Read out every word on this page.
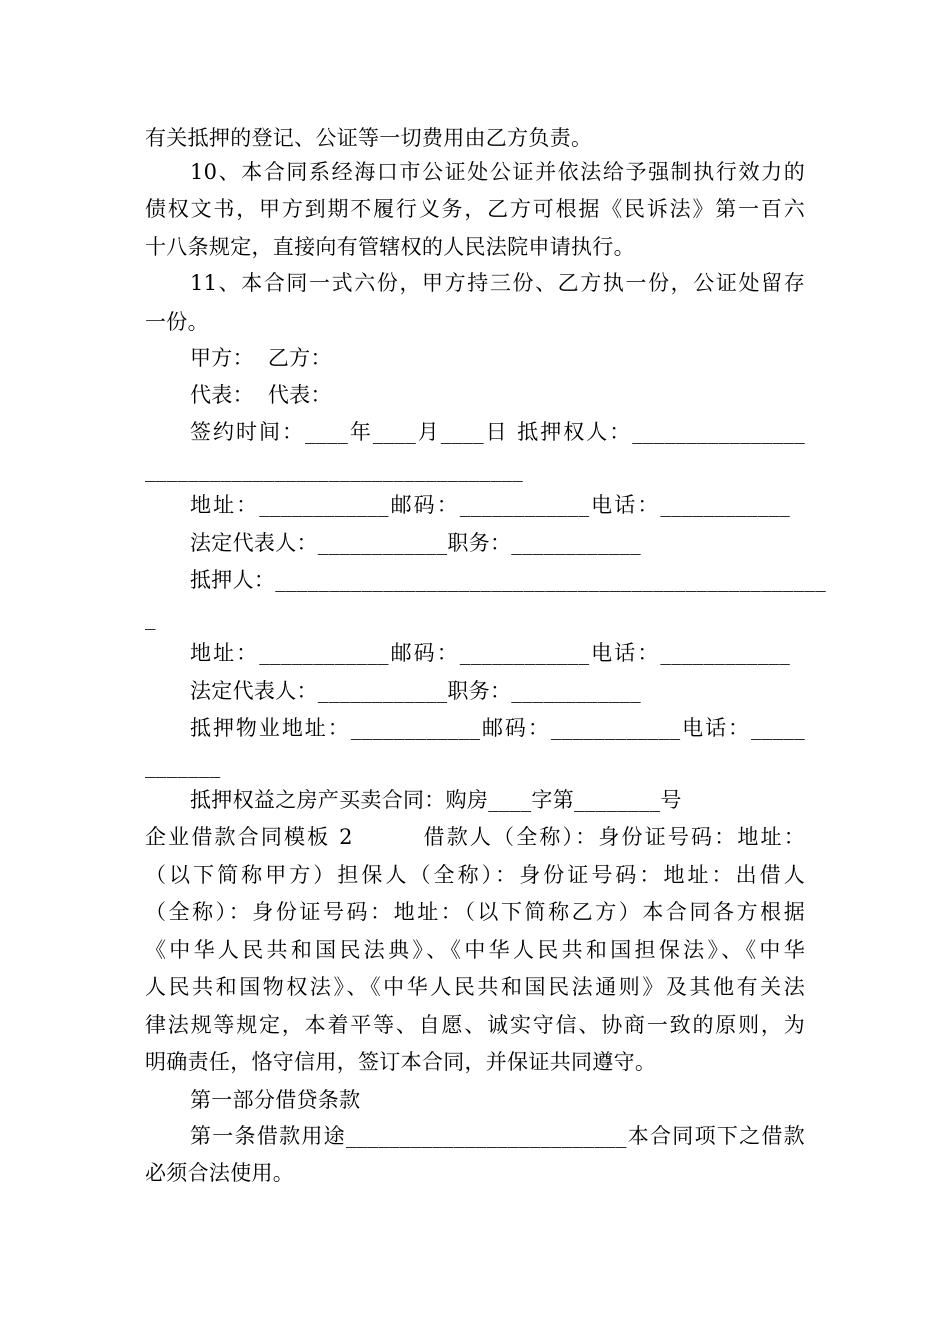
有关抵押的登记、公证等一切费用由乙方负责。
10、本合同系经海口市公证处公证并依法给予强制执行效力的
债权文书，甲方到期不履行义务，乙方可根据《民诉法》第一百六
十八条规定，直接向有管辖权的人民法院申请执行。
11、本合同一式六份，甲方持三份、乙方执一份，公证处留存
一份。
甲方：  乙方：
代表：  代表：
签约时间：____年____月____日 抵押权人：________________
___________________________________
地址：____________邮码：____________电话：____________
法定代表人：____________职务：____________
抵押人：___________________________________________________
_
地址：____________邮码：____________电话：____________
法定代表人：____________职务：____________
抵押物业地址：____________邮码：____________电话：_____
_______
抵押权益之房产买卖合同：购房____字第________号
企业借款合同模板 2        借款人（全称）：身份证号码：地址：
（以下简称甲方）担保人（全称）：身份证号码：地址：出借人
（全称）：身份证号码：地址：（以下简称乙方）本合同各方根据
《中华人民共和国民法典》、《中华人民共和国担保法》、《中华
人民共和国物权法》、《中华人民共和国民法通则》及其他有关法
律法规等规定，本着平等、自愿、诚实守信、协商一致的原则，为
明确责任，恪守信用，签订本合同，并保证共同遵守。
第一部分借贷条款
第一条借款用途__________________________本合同项下之借款
必须合法使用。
